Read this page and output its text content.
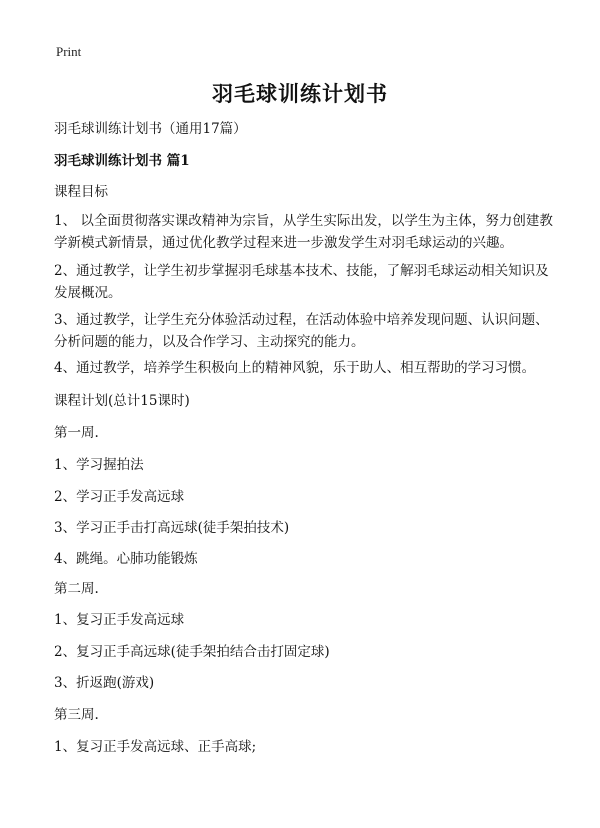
Print
羽毛球训练计划书
羽毛球训练计划书（通用17篇）
羽毛球训练计划书 篇1
课程目标
1、 以全面贯彻落实课改精神为宗旨，从学生实际出发，以学生为主体，努力创建教学新模式新情景，通过优化教学过程来进一步激发学生对羽毛球运动的兴趣。
2、通过教学，让学生初步掌握羽毛球基本技术、技能，了解羽毛球运动相关知识及发展概况。
3、通过教学，让学生充分体验活动过程，在活动体验中培养发现问题、认识问题、分析问题的能力，以及合作学习、主动探究的能力。
4、通过教学，培养学生积极向上的精神风貌，乐于助人、相互帮助的学习习惯。
课程计划(总计15课时)
第一周.
1、学习握拍法
2、学习正手发高远球
3、学习正手击打高远球(徒手架拍技术)
4、跳绳。心肺功能锻炼
第二周.
1、复习正手发高远球
2、复习正手高远球(徒手架拍结合击打固定球)
3、折返跑(游戏)
第三周.
1、复习正手发高远球、正手高球;
